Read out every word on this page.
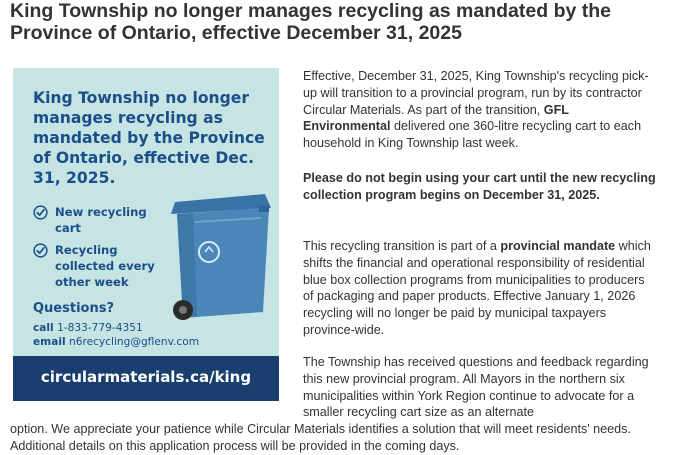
King Township no longer manages recycling as mandated by the Province of Ontario, effective December 31, 2025
King Township no longer manages recycling as mandated by the Province of Ontario, effective Dec. 31, 2025.
New recycling cart
Recycling collected every other week
Questions?
call 1-833-779-4351
email n6recycling@gflenv.com
circularmaterials.ca/king

Effective, December 31, 2025, King Township's recycling pick-up will transition to a provincial program, run by its contractor Circular Materials. As part of the transition, GFL Environmental delivered one 360-litre recycling cart to each household in King Township last week.

Please do not begin using your cart until the new recycling collection program begins on December 31, 2025.

This recycling transition is part of a provincial mandate which shifts the financial and operational responsibility of residential blue box collection programs from municipalities to producers of packaging and paper products. Effective January 1, 2026 recycling will no longer be paid by municipal taxpayers province-wide.

The Township has received questions and feedback regarding this new provincial program. All Mayors in the northern six municipalities within York Region continue to advocate for a smaller recycling cart size as an alternate

option. We appreciate your patience while Circular Materials identifies a solution that will meet residents' needs. Additional details on this application process will be provided in the coming days.
